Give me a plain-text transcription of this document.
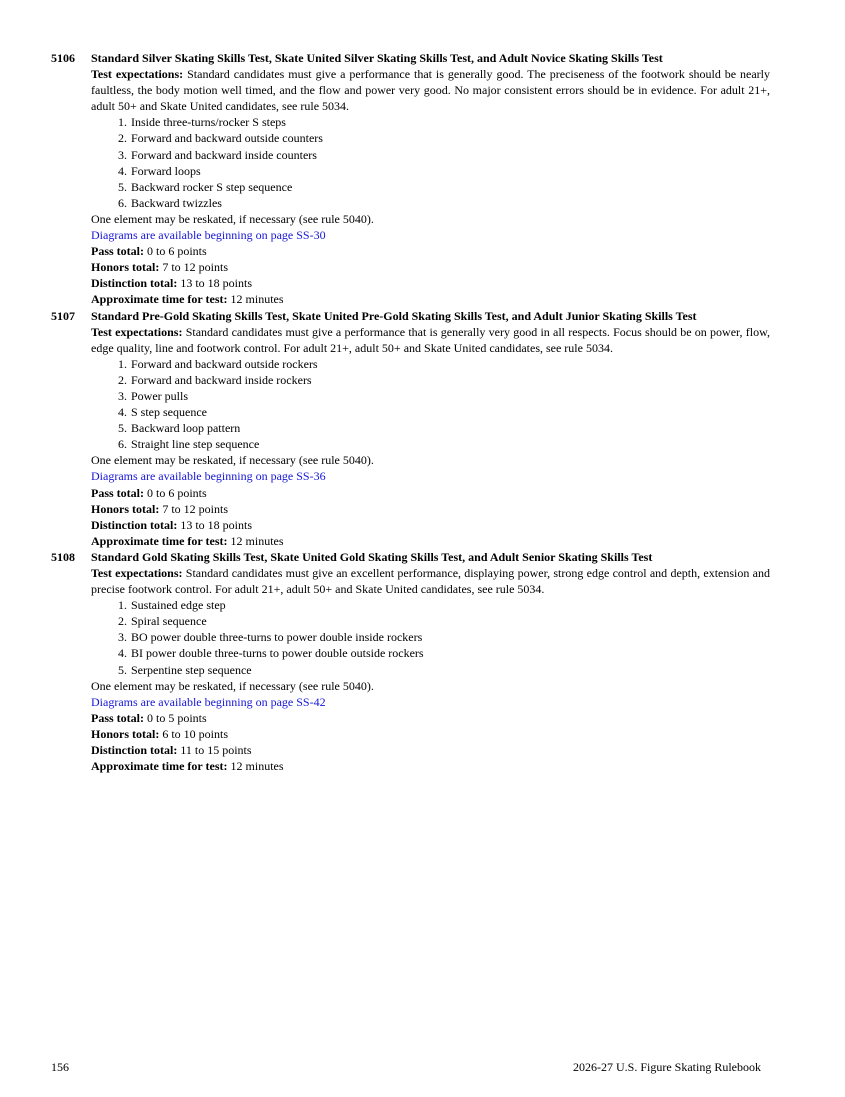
5106 Standard Silver Skating Skills Test, Skate United Silver Skating Skills Test, and Adult Novice Skating Skills Test

Test expectations: Standard candidates must give a performance that is generally good. The preciseness of the footwork should be nearly faultless, the body motion well timed, and the flow and power very good. No major consistent errors should be in evidence. For adult 21+, adult 50+ and Skate United candidates, see rule 5034.

1. Inside three-turns/rocker S steps
2. Forward and backward outside counters
3. Forward and backward inside counters
4. Forward loops
5. Backward rocker S step sequence
6. Backward twizzles
One element may be reskated, if necessary (see rule 5040).
Diagrams are available beginning on page SS-30
Pass total: 0 to 6 points
Honors total: 7 to 12 points
Distinction total: 13 to 18 points
Approximate time for test: 12 minutes
5107 Standard Pre-Gold Skating Skills Test, Skate United Pre-Gold Skating Skills Test, and Adult Junior Skating Skills Test

Test expectations: Standard candidates must give a performance that is generally very good in all respects. Focus should be on power, flow, edge quality, line and footwork control. For adult 21+, adult 50+ and Skate United candidates, see rule 5034.

1. Forward and backward outside rockers
2. Forward and backward inside rockers
3. Power pulls
4. S step sequence
5. Backward loop pattern
6. Straight line step sequence
One element may be reskated, if necessary (see rule 5040).
Diagrams are available beginning on page SS-36
Pass total: 0 to 6 points
Honors total: 7 to 12 points
Distinction total: 13 to 18 points
Approximate time for test: 12 minutes
5108 Standard Gold Skating Skills Test, Skate United Gold Skating Skills Test, and Adult Senior Skating Skills Test

Test expectations: Standard candidates must give an excellent performance, displaying power, strong edge control and depth, extension and precise footwork control. For adult 21+, adult 50+ and Skate United candidates, see rule 5034.

1. Sustained edge step
2. Spiral sequence
3. BO power double three-turns to power double inside rockers
4. BI power double three-turns to power double outside rockers
5. Serpentine step sequence
One element may be reskated, if necessary (see rule 5040).
Diagrams are available beginning on page SS-42
Pass total: 0 to 5 points
Honors total: 6 to 10 points
Distinction total: 11 to 15 points
Approximate time for test: 12 minutes
156	2026-27 U.S. Figure Skating Rulebook
